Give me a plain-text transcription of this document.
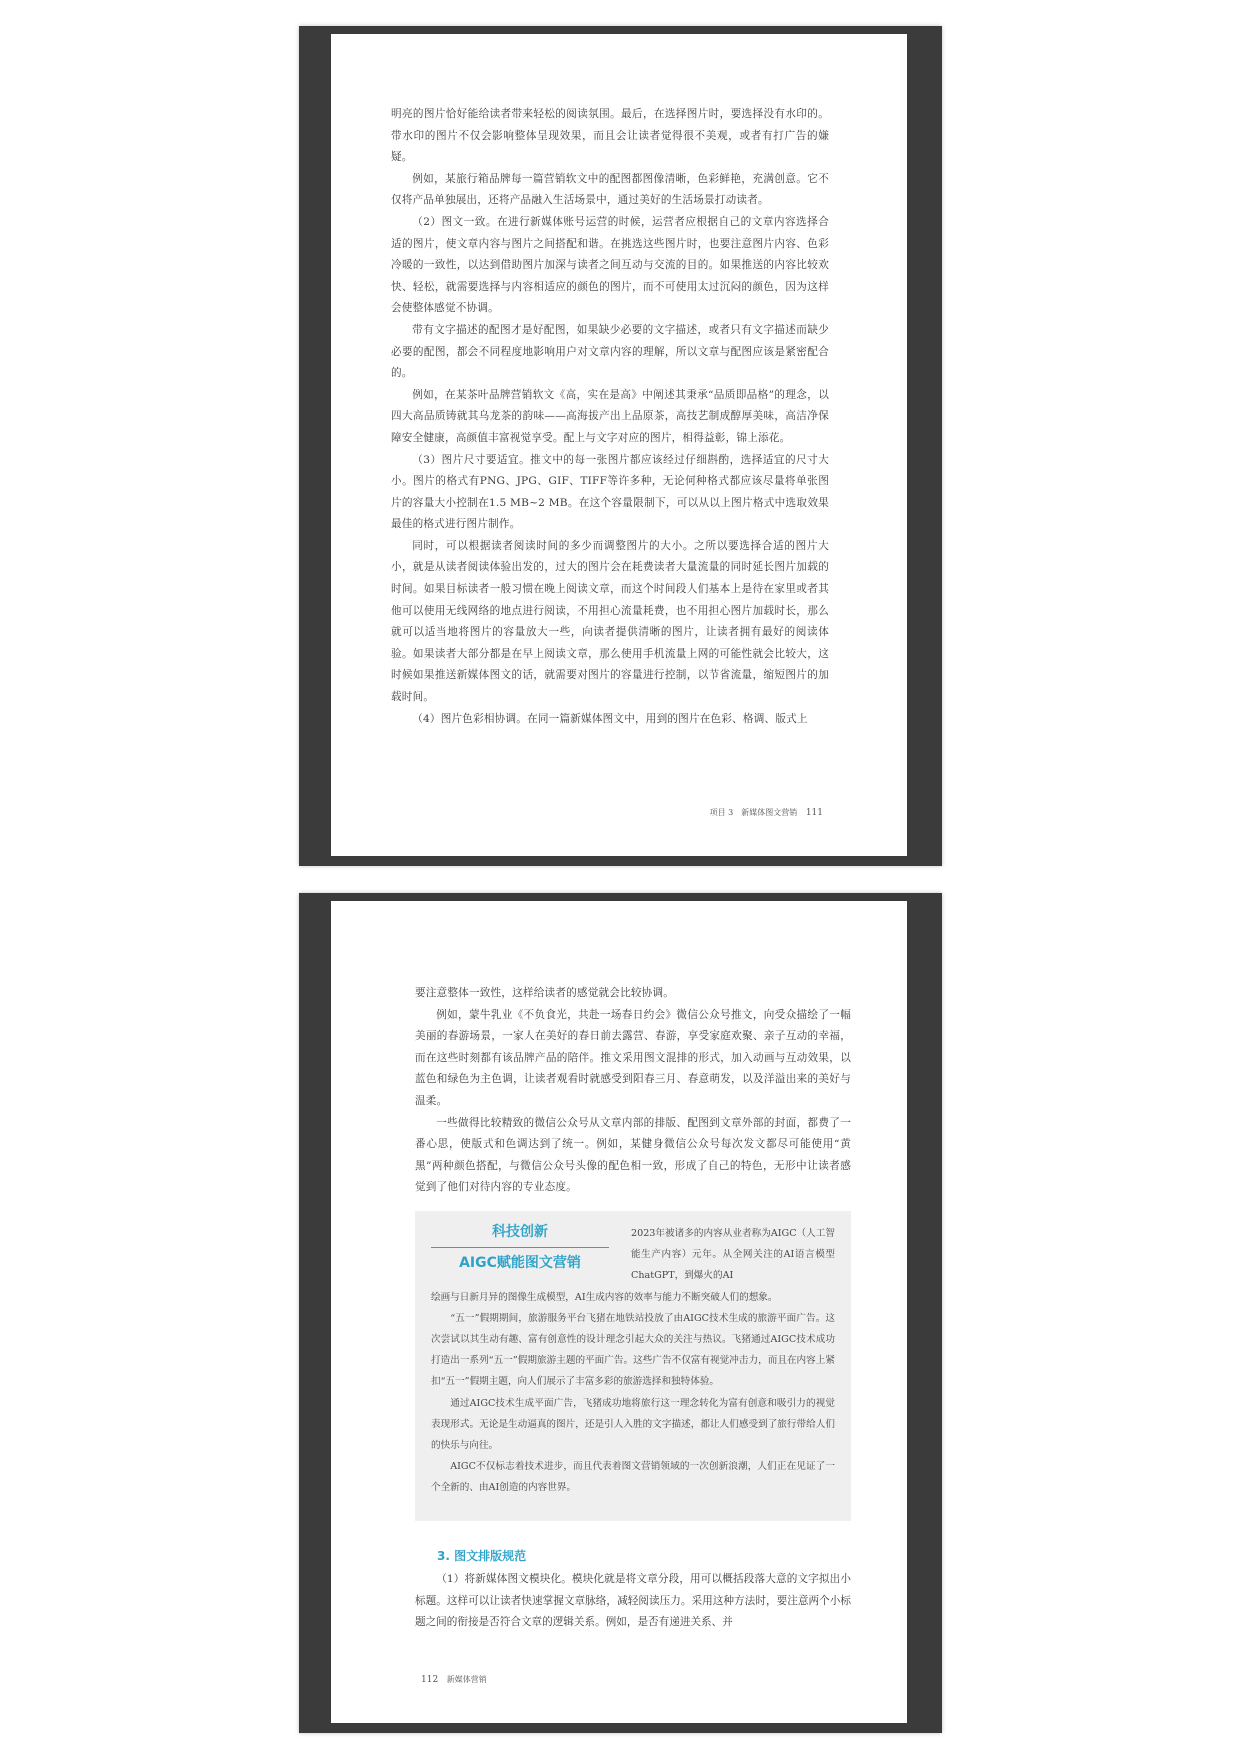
明亮的图片恰好能给读者带来轻松的阅读氛围。最后，在选择图片时，要选择没有水印的。带水印的图片不仅会影响整体呈现效果，而且会让读者觉得很不美观，或者有打广告的嫌疑。

例如，某旅行箱品牌每一篇营销软文中的配图都图像清晰，色彩鲜艳，充满创意。它不仅将产品单独展出，还将产品融入生活场景中，通过美好的生活场景打动读者。

（2）图文一致。在进行新媒体账号运营的时候，运营者应根据自己的文章内容选择合适的图片，使文章内容与图片之间搭配和谐。在挑选这些图片时，也要注意图片内容、色彩冷暖的一致性，以达到借助图片加深与读者之间互动与交流的目的。如果推送的内容比较欢快、轻松，就需要选择与内容相适应的颜色的图片，而不可使用太过沉闷的颜色，因为这样会使整体感觉不协调。

带有文字描述的配图才是好配图，如果缺少必要的文字描述，或者只有文字描述而缺少必要的配图，都会不同程度地影响用户对文章内容的理解，所以文章与配图应该是紧密配合的。

例如，在某茶叶品牌营销软文《高，实在是高》中阐述其秉承“品质即品格”的理念，以四大高品质铸就其乌龙茶的韵味——高海拔产出上品原茶，高技艺制成醇厚美味，高洁净保障安全健康，高颜值丰富视觉享受。配上与文字对应的图片，相得益彰，锦上添花。

（3）图片尺寸要适宜。推文中的每一张图片都应该经过仔细斟酌，选择适宜的尺寸大小。图片的格式有PNG、JPG、GIF、TIFF等许多种，无论何种格式都应该尽量将单张图片的容量大小控制在1.5 MB~2 MB。在这个容量限制下，可以从以上图片格式中选取效果最佳的格式进行图片制作。

同时，可以根据读者阅读时间的多少而调整图片的大小。之所以要选择合适的图片大小，就是从读者阅读体验出发的，过大的图片会在耗费读者大量流量的同时延长图片加载的时间。如果目标读者一般习惯在晚上阅读文章，而这个时间段人们基本上是待在家里或者其他可以使用无线网络的地点进行阅读，不用担心流量耗费，也不用担心图片加载时长，那么就可以适当地将图片的容量放大一些，向读者提供清晰的图片，让读者拥有最好的阅读体验。如果读者大部分都是在早上阅读文章，那么使用手机流量上网的可能性就会比较大，这时候如果推送新媒体图文的话，就需要对图片的容量进行控制，以节省流量，缩短图片的加载时间。

（4）图片色彩相协调。在同一篇新媒体图文中，用到的图片在色彩、格调、版式上

项目 3　新媒体图文营销 111

要注意整体一致性，这样给读者的感觉就会比较协调。

例如，蒙牛乳业《不负食光，共赴一场春日约会》微信公众号推文，向受众描绘了一幅美丽的春游场景，一家人在美好的春日前去露营、春游，享受家庭欢聚、亲子互动的幸福，而在这些时刻都有该品牌产品的陪伴。推文采用图文混排的形式，加入动画与互动效果，以蓝色和绿色为主色调，让读者观看时就感受到阳春三月、春意萌发，以及洋溢出来的美好与温柔。

一些做得比较精致的微信公众号从文章内部的排版、配图到文章外部的封面，都费了一番心思，使版式和色调达到了统一。例如，某健身微信公众号每次发文都尽可能使用“黄黑”两种颜色搭配，与微信公众号头像的配色相一致，形成了自己的特色，无形中让读者感觉到了他们对待内容的专业态度。

2023年被诸多的内容从业者称为AIGC（人工智能生产内容）元年。从全网关注的AI语言模型ChatGPT，到爆火的AI

绘画与日新月异的图像生成模型，AI生成内容的效率与能力不断突破人们的想象。

“五一”假期期间，旅游服务平台飞猪在地铁站投放了由AIGC技术生成的旅游平面广告。这次尝试以其生动有趣、富有创意性的设计理念引起大众的关注与热议。飞猪通过AIGC技术成功打造出一系列“五一”假期旅游主题的平面广告。这些广告不仅富有视觉冲击力，而且在内容上紧扣“五一”假期主题，向人们展示了丰富多彩的旅游选择和独特体验。

通过AIGC技术生成平面广告，飞猪成功地将旅行这一理念转化为富有创意和吸引力的视觉表现形式。无论是生动逼真的图片，还是引人入胜的文字描述，都让人们感受到了旅行带给人们的快乐与向往。

AIGC不仅标志着技术进步，而且代表着图文营销领域的一次创新浪潮，人们正在见证了一个全新的、由AI创造的内容世界。

科技创新
AIGC赋能图文营销
3. 图文排版规范

（1）将新媒体图文模块化。模块化就是将文章分段，用可以概括段落大意的文字拟出小标题。这样可以让读者快速掌握文章脉络，减轻阅读压力。采用这种方法时，要注意两个小标题之间的衔接是否符合文章的逻辑关系。例如，是否有递进关系、并

112 新媒体营销
